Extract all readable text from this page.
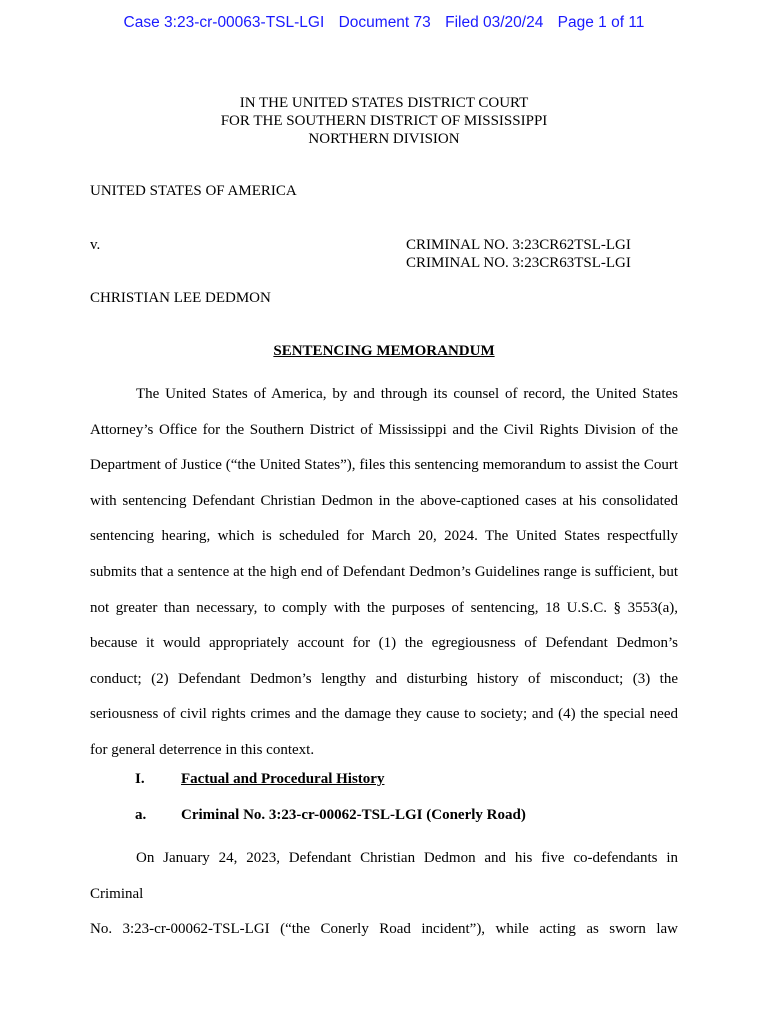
Case 3:23-cr-00063-TSL-LGI Document 73 Filed 03/20/24 Page 1 of 11
IN THE UNITED STATES DISTRICT COURT
FOR THE SOUTHERN DISTRICT OF MISSISSIPPI
NORTHERN DIVISION
UNITED STATES OF AMERICA
v.	CRIMINAL NO. 3:23CR62TSL-LGI
CRIMINAL NO. 3:23CR63TSL-LGI
CHRISTIAN LEE DEDMON
SENTENCING MEMORANDUM

The United States of America, by and through its counsel of record, the United States Attorney’s Office for the Southern District of Mississippi and the Civil Rights Division of the Department of Justice (“the United States”), files this sentencing memorandum to assist the Court with sentencing Defendant Christian Dedmon in the above-captioned cases at his consolidated sentencing hearing, which is scheduled for March 20, 2024. The United States respectfully submits that a sentence at the high end of Defendant Dedmon’s Guidelines range is sufficient, but not greater than necessary, to comply with the purposes of sentencing, 18 U.S.C. § 3553(a), because it would appropriately account for (1) the egregiousness of Defendant Dedmon’s conduct; (2) Defendant Dedmon’s lengthy and disturbing history of misconduct; (3) the seriousness of civil rights crimes and the damage they cause to society; and (4) the special need for general deterrence in this context.

I. Factual and Procedural History
a. Criminal No. 3:23-cr-00062-TSL-LGI (Conerly Road)
On January 24, 2023, Defendant Christian Dedmon and his five co-defendants in Criminal
No. 3:23-cr-00062-TSL-LGI (“the Conerly Road incident”), while acting as sworn law
